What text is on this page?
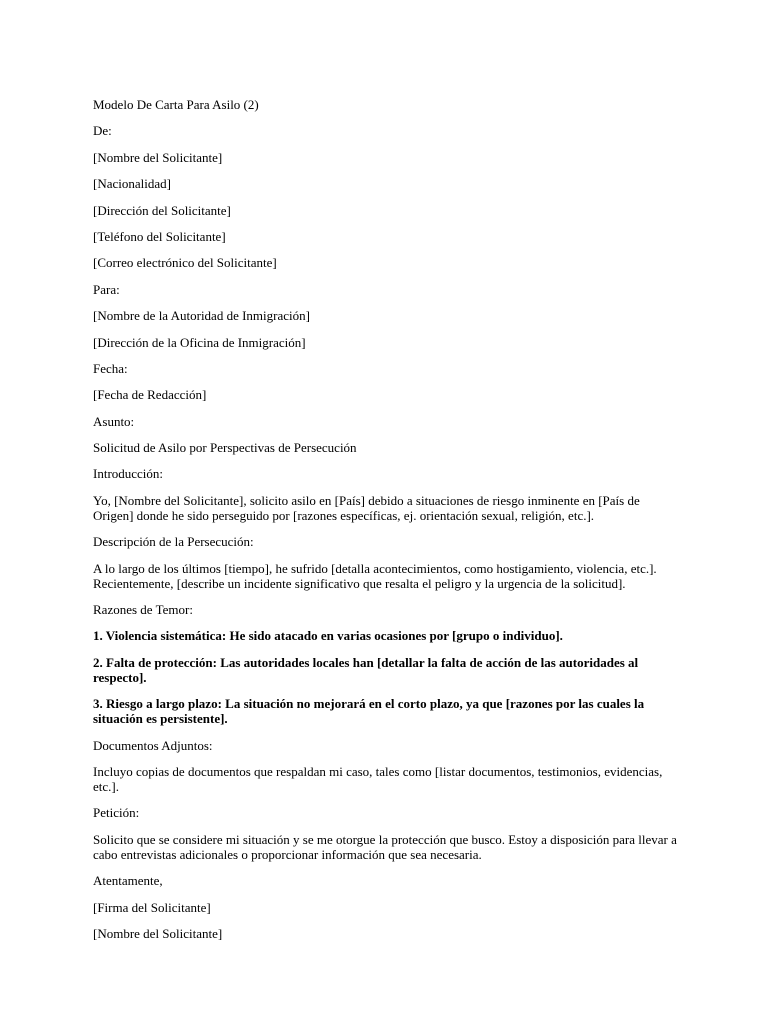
Modelo De Carta Para Asilo (2)

De:

[Nombre del Solicitante]

[Nacionalidad]

[Dirección del Solicitante]

[Teléfono del Solicitante]

[Correo electrónico del Solicitante]

Para:

[Nombre de la Autoridad de Inmigración]

[Dirección de la Oficina de Inmigración]

Fecha:

[Fecha de Redacción]

Asunto:

Solicitud de Asilo por Perspectivas de Persecución

Introducción:

Yo, [Nombre del Solicitante], solicito asilo en [País] debido a situaciones de riesgo inminente en [País de Origen] donde he sido perseguido por [razones específicas, ej. orientación sexual, religión, etc.].

Descripción de la Persecución:

A lo largo de los últimos [tiempo], he sufrido [detalla acontecimientos, como hostigamiento, violencia, etc.]. Recientemente, [describe un incidente significativo que resalta el peligro y la urgencia de la solicitud].

Razones de Temor:

1. Violencia sistemática: He sido atacado en varias ocasiones por [grupo o individuo].

2. Falta de protección: Las autoridades locales han [detallar la falta de acción de las autoridades al respecto].

3. Riesgo a largo plazo: La situación no mejorará en el corto plazo, ya que [razones por las cuales la situación es persistente].

Documentos Adjuntos:

Incluyo copias de documentos que respaldan mi caso, tales como [listar documentos, testimonios, evidencias, etc.].

Petición:

Solicito que se considere mi situación y se me otorgue la protección que busco. Estoy a disposición para llevar a cabo entrevistas adicionales o proporcionar información que sea necesaria.

Atentamente,

[Firma del Solicitante]

[Nombre del Solicitante]
